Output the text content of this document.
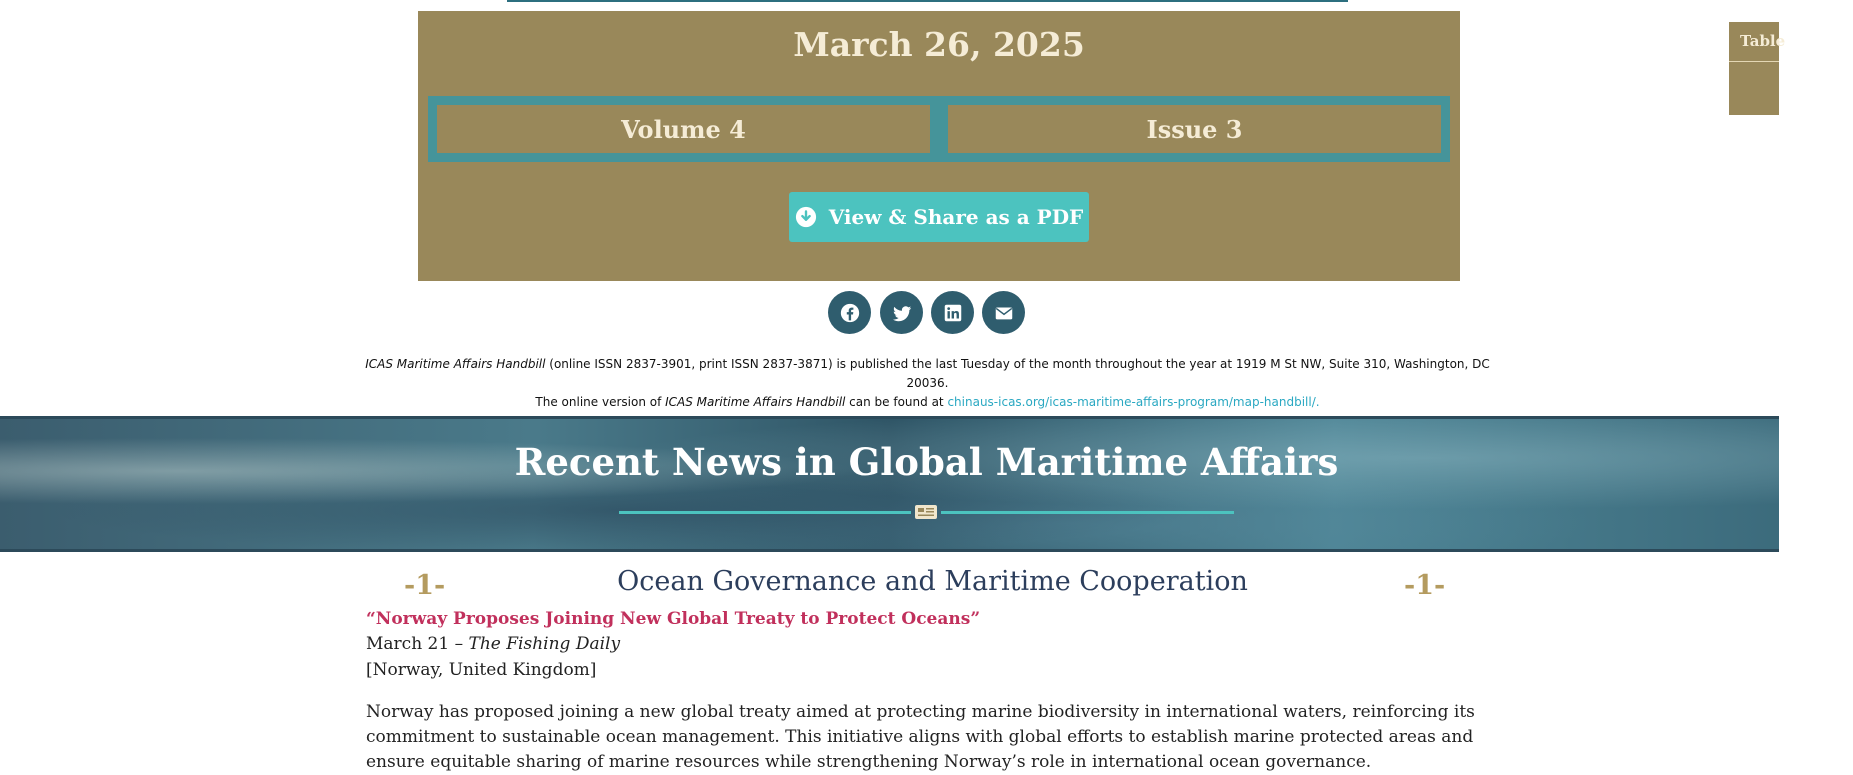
March 26, 2025
Volume 4	Issue 3
View & Share as a PDF
ICAS Maritime Affairs Handbill (online ISSN 2837-3901, print ISSN 2837-3871) is published the last Tuesday of the month throughout the year at 1919 M St NW, Suite 310, Washington, DC 20036.
The online version of ICAS Maritime Affairs Handbill can be found at chinaus-icas.org/icas-maritime-affairs-program/map-handbill/.
Recent News in Global Maritime Affairs
-1-	Ocean Governance and Maritime Cooperation	-1-
“Norway Proposes Joining New Global Treaty to Protect Oceans”
March 21 – The Fishing Daily
[Norway, United Kingdom]
Norway has proposed joining a new global treaty aimed at protecting marine biodiversity in international waters, reinforcing its commitment to sustainable ocean management. This initiative aligns with global efforts to establish marine protected areas and ensure equitable sharing of marine resources while strengthening Norway’s role in international ocean governance.
Table
